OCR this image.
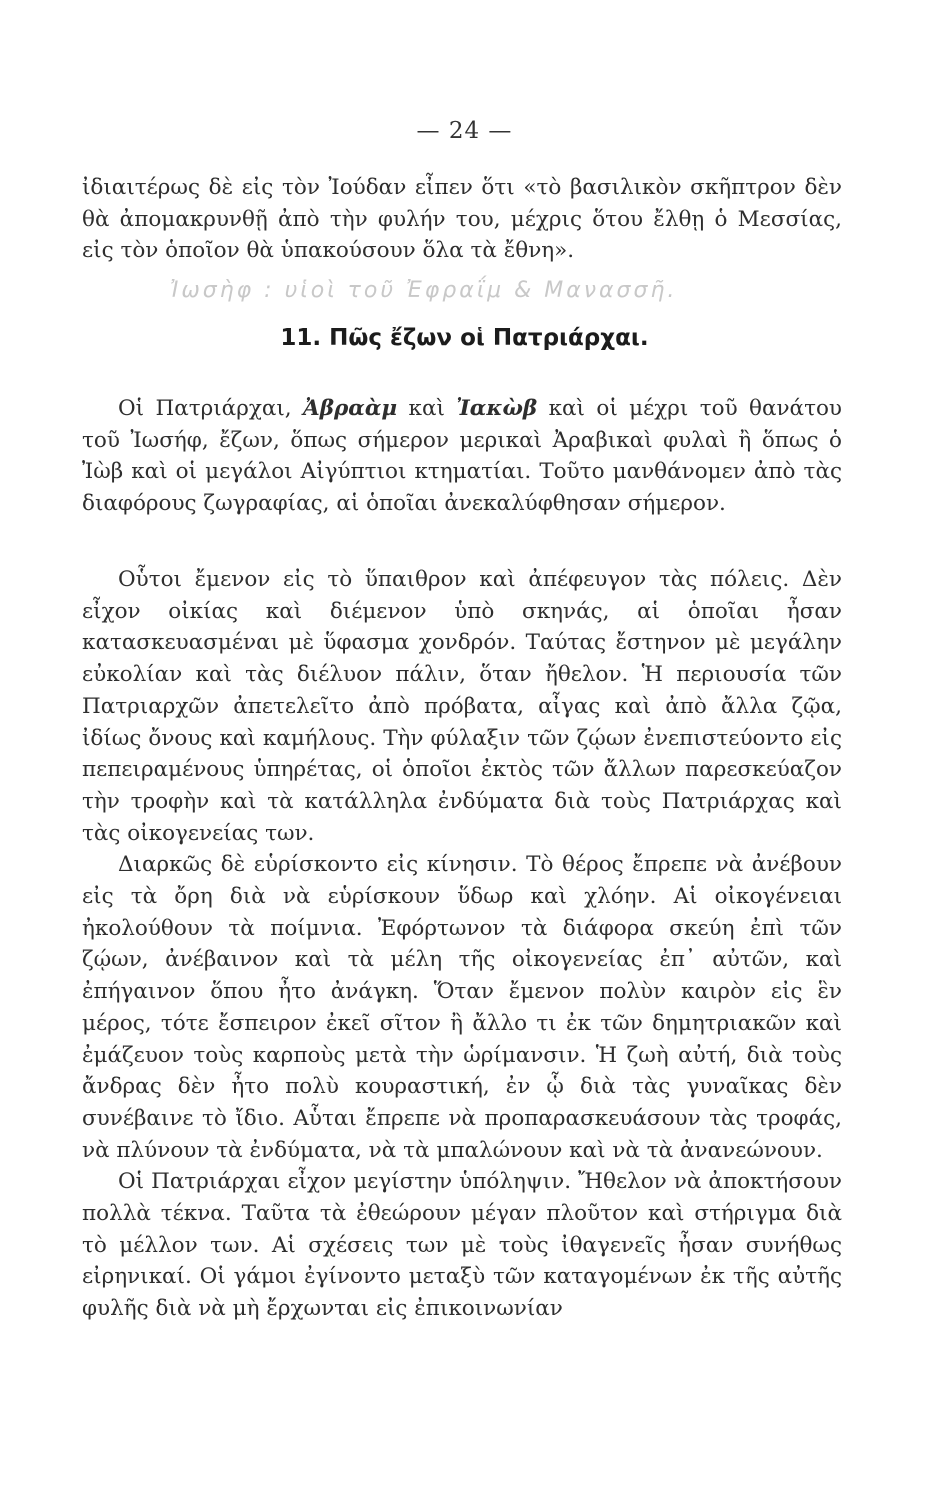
— 24 —
ἰδιαιτέρως δὲ εἰς τὸν Ἰούδαν εἶπεν ὅτι «τὸ βασιλικὸν σκῆπτρον δὲν θὰ ἀπομακρυνθῇ ἀπὸ τὴν φυλήν του, μέχρις ὅτου ἔλθῃ ὁ Μεσσίας, εἰς τὸν ὁποῖον θὰ ὑπακούσουν ὅλα τὰ ἔθνη».
Ἰωσὴφ : υἱοὶ τοῦ Ἐφραΐμ & Μανασσῆ.
11. Πῶς ἔζων οἱ Πατριάρχαι.
Οἱ Πατριάρχαι, Ἀβραὰμ καὶ Ἰακὼβ καὶ οἱ μέχρι τοῦ θανάτου τοῦ Ἰωσήφ, ἔζων, ὅπως σήμερον μερικαὶ Ἀραβικαὶ φυλαὶ ἢ ὅπως ὁ Ἰὼβ καὶ οἱ μεγάλοι Αἰγύπτιοι κτηματίαι. Τοῦτο μανθάνομεν ἀπὸ τὰς διαφόρους ζωγραφίας, αἱ ὁποῖαι ἀνεκαλύφθησαν σήμερον.

Οὗτοι ἔμενον εἰς τὸ ὕπαιθρον καὶ ἀπέφευγον τὰς πόλεις. Δὲν εἶχον οἰκίας καὶ διέμενον ὑπὸ σκηνάς, αἱ ὁποῖαι ἦσαν κατασκευασμέναι μὲ ὕφασμα χονδρόν. Ταύτας ἔστηνον μὲ μεγάλην εὐκολίαν καὶ τὰς διέλυον πάλιν, ὅταν ἤθελον. Ἡ περιουσία τῶν Πατριαρχῶν ἀπετελεῖτο ἀπὸ πρόβατα, αἶγας καὶ ἀπὸ ἄλλα ζῷα, ἰδίως ὄνους καὶ καμήλους. Τὴν φύλαξιν τῶν ζῴων ἐνεπιστεύοντο εἰς πεπειραμένους ὑπηρέτας, οἱ ὁποῖοι ἐκτὸς τῶν ἄλλων παρεσκεύαζον τὴν τροφὴν καὶ τὰ κατάλληλα ἐνδύματα διὰ τοὺς Πατριάρχας καὶ τὰς οἰκογενείας των.

Διαρκῶς δὲ εὑρίσκοντο εἰς κίνησιν. Τὸ θέρος ἔπρεπε νὰ ἀνέβουν εἰς τὰ ὄρη διὰ νὰ εὑρίσκουν ὕδωρ καὶ χλόην. Αἱ οἰκογένειαι ἠκολούθουν τὰ ποίμνια. Ἐφόρτωνον τὰ διάφορα σκεύη ἐπὶ τῶν ζῴων, ἀνέβαινον καὶ τὰ μέλη τῆς οἰκογενείας ἐπ᾽ αὐτῶν, καὶ ἐπήγαινον ὅπου ἦτο ἀνάγκη. Ὅταν ἔμενον πολὺν καιρὸν εἰς ἓν μέρος, τότε ἔσπειρον ἐκεῖ σῖτον ἢ ἄλλο τι ἐκ τῶν δημητριακῶν καὶ ἐμάζευον τοὺς καρποὺς μετὰ τὴν ὡρίμανσιν. Ἡ ζωὴ αὐτή, διὰ τοὺς ἄνδρας δὲν ἦτο πολὺ κουραστική, ἐν ᾧ διὰ τὰς γυναῖκας δὲν συνέβαινε τὸ ἴδιο. Αὗται ἔπρεπε νὰ προπαρασκευάσουν τὰς τροφάς, νὰ πλύνουν τὰ ἐνδύματα, νὰ τὰ μπαλώνουν καὶ νὰ τὰ ἀνανεώνουν.

Οἱ Πατριάρχαι εἶχον μεγίστην ὑπόληψιν. Ἤθελον νὰ ἀποκτήσουν πολλὰ τέκνα. Ταῦτα τὰ ἐθεώρουν μέγαν πλοῦτον καὶ στήριγμα διὰ τὸ μέλλον των. Αἱ σχέσεις των μὲ τοὺς ἰθαγενεῖς ἦσαν συνήθως εἰρηνικαί. Οἱ γάμοι ἐγίνοντο μεταξὺ τῶν καταγομένων ἐκ τῆς αὐτῆς φυλῆς διὰ νὰ μὴ ἔρχωνται εἰς ἐπικοινωνίαν
